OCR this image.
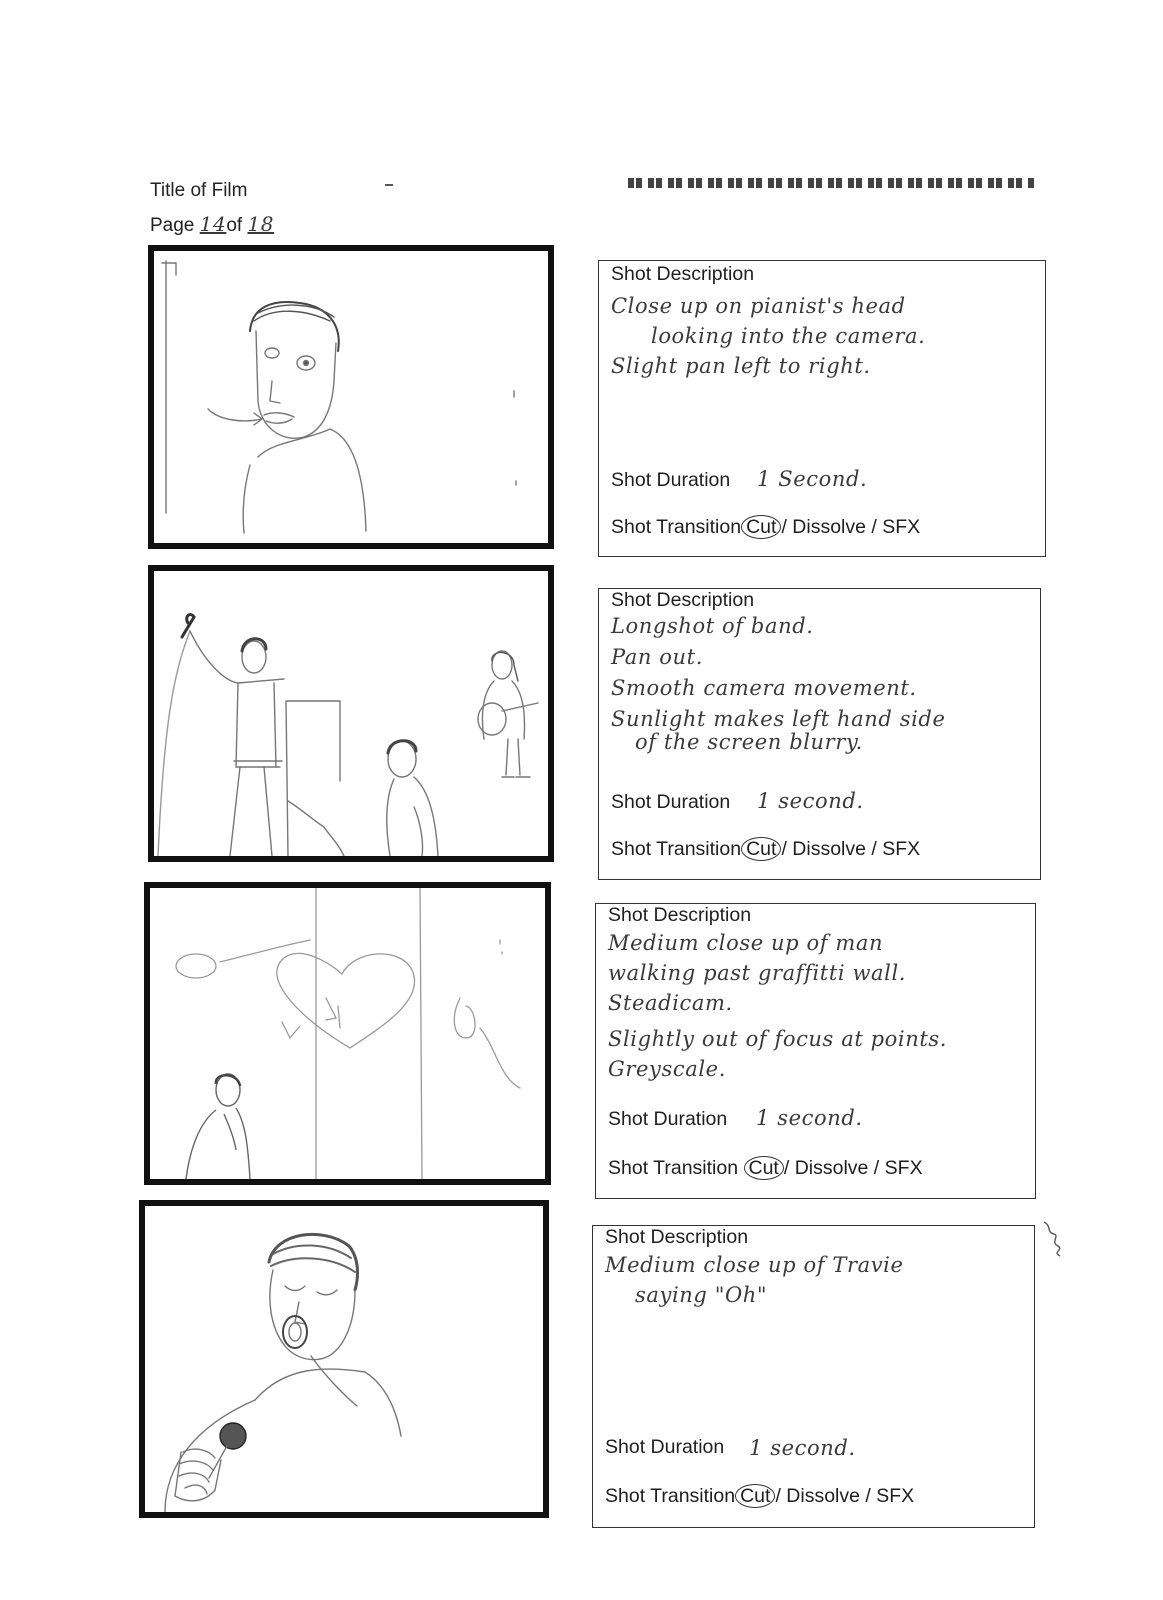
Title of Film
Page 14of 18
Shot Description
Close up on pianist's head
looking into the camera.
Slight pan left to right.
Shot Duration 1 Second.
Shot Transition Cut / Dissolve / SFX
Shot Description
Longshot of band.
Pan out.
Smooth camera movement.
Sunlight makes left hand side
of the screen blurry.
Shot Duration 1 second.
Shot Transition Cut / Dissolve / SFX
Shot Description
Medium close up of man
walking past graffitti wall.
Steadicam.
Slightly out of focus at points.
Greyscale.
Shot Duration 1 second.
Shot Transition Cut / Dissolve / SFX
Shot Description
Medium close up of Travie
saying "Oh"
Shot Duration 1 second.
Shot Transition Cut / Dissolve / SFX
